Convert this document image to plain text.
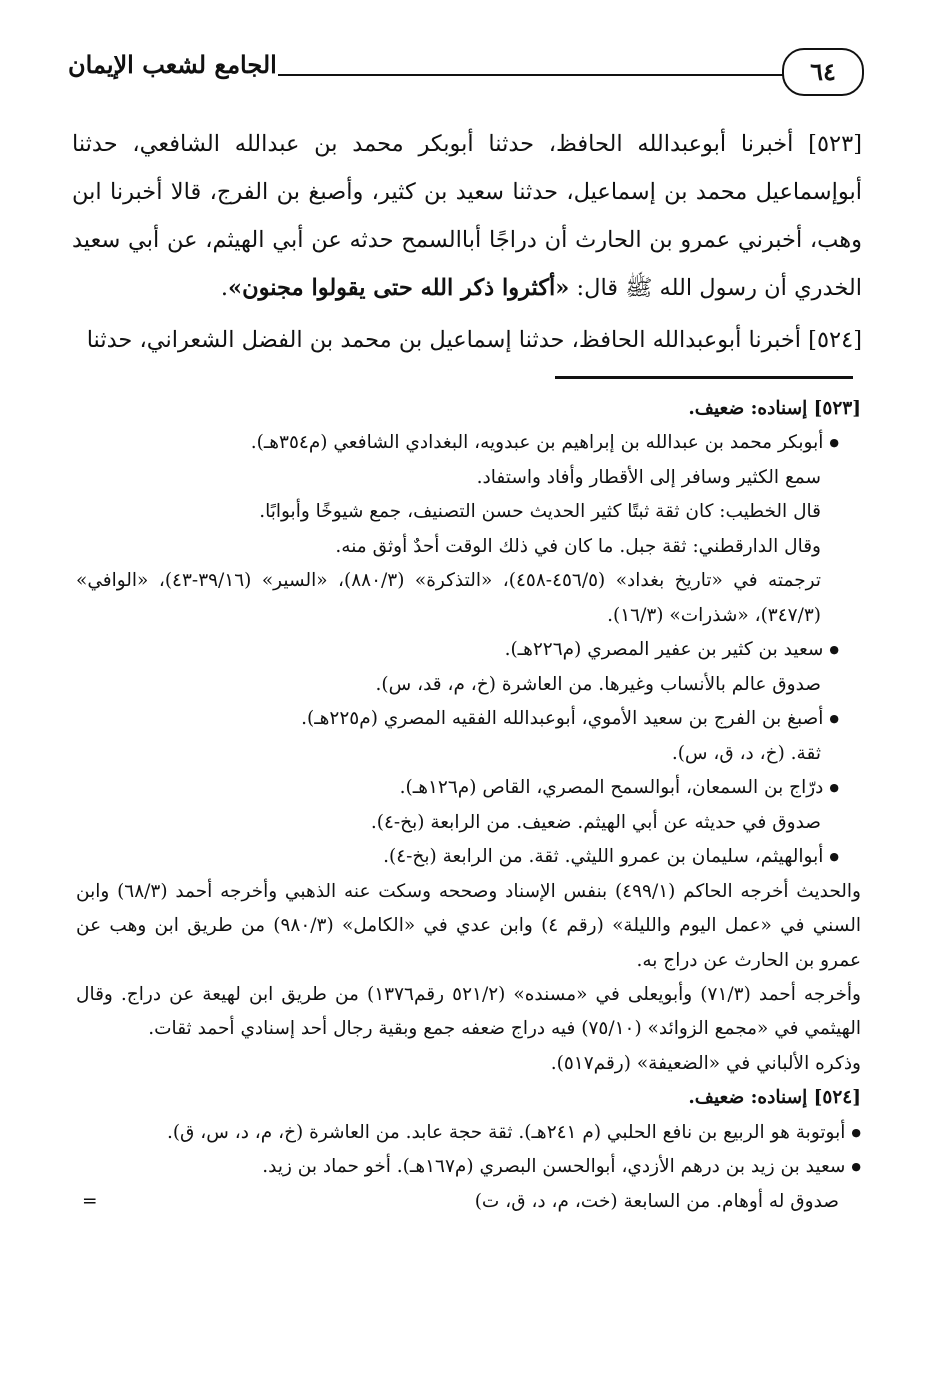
الجامع لشعب الإيمان	٦٤

[٥٢٣] أخبرنا أبوعبدالله الحافظ، حدثنا أبوبكر محمد بن عبدالله الشافعي، حدثنا أبوإسماعيل محمد بن إسماعيل، حدثنا سعيد بن كثير، وأصبغ بن الفرج، قالا أخبرنا ابن وهب، أخبرني عمرو بن الحارث أن دراجًا أباالسمح حدثه عن أبي الهيثم، عن أبي سعيد الخدري أن رسول الله ﷺ قال: «أكثروا ذكر الله حتى يقولوا مجنون».

[٥٢٤] أخبرنا أبوعبدالله الحافظ، حدثنا إسماعيل بن محمد بن الفضل الشعراني، حدثنا

[٥٢٣] إسناده: ضعيف.

● أبوبكر محمد بن عبدالله بن إبراهيم بن عبدويه، البغدادي الشافعي (م٣٥٤هـ).

سمع الكثير وسافر إلى الأقطار وأفاد واستفاد.

قال الخطيب: كان ثقة ثبتًا كثير الحديث حسن التصنيف، جمع شيوخًا وأبوابًا.

وقال الدارقطني: ثقة جبل. ما كان في ذلك الوقت أحدٌ أوثق منه.

ترجمته في «تاريخ بغداد» (٤٥٦/٥-٤٥٨)، «التذكرة» (٨٨٠/٣)، «السير» (٣٩/١٦-٤٣)، «الوافي» (٣٤٧/٣)، «شذرات» (١٦/٣).

● سعيد بن كثير بن عفير المصري (م٢٢٦هـ).

صدوق عالم بالأنساب وغيرها. من العاشرة (خ، م، قد، س).

● أصبغ بن الفرج بن سعيد الأموي، أبوعبدالله الفقيه المصري (م٢٢٥هـ).

ثقة. (خ، د، ق، س).

● درّاج بن السمعان، أبوالسمح المصري، القاص (م١٢٦هـ).

صدوق في حديثه عن أبي الهيثم. ضعيف. من الرابعة (بخ-٤).

● أبوالهيثم، سليمان بن عمرو الليثي. ثقة. من الرابعة (بخ-٤).

والحديث أخرجه الحاكم (٤٩٩/١) بنفس الإسناد وصححه وسكت عنه الذهبي وأخرجه أحمد (٦٨/٣) وابن السني في «عمل اليوم والليلة» (رقم ٤) وابن عدي في «الكامل» (٩٨٠/٣) من طريق ابن وهب عن عمرو بن الحارث عن دراج به.

وأخرجه أحمد (٧١/٣) وأبويعلى في «مسنده» (٥٢١/٢ رقم١٣٧٦) من طريق ابن لهيعة عن دراج. وقال الهيثمي في «مجمع الزوائد» (٧٥/١٠) فيه دراج ضعفه جمع وبقية رجال أحد إسنادي أحمد ثقات.

وذكره الألباني في «الضعيفة» (رقم٥١٧).

[٥٢٤] إسناده: ضعيف.

● أبوتوبة هو الربيع بن نافع الحلبي (م ٢٤١هـ). ثقة حجة عابد. من العاشرة (خ، م، د، س، ق).

● سعيد بن زيد بن درهم الأزدي، أبوالحسن البصري (م١٦٧هـ). أخو حماد بن زيد.

صدوق له أوهام. من السابعة (خت، م، د، ق، ت)

=
